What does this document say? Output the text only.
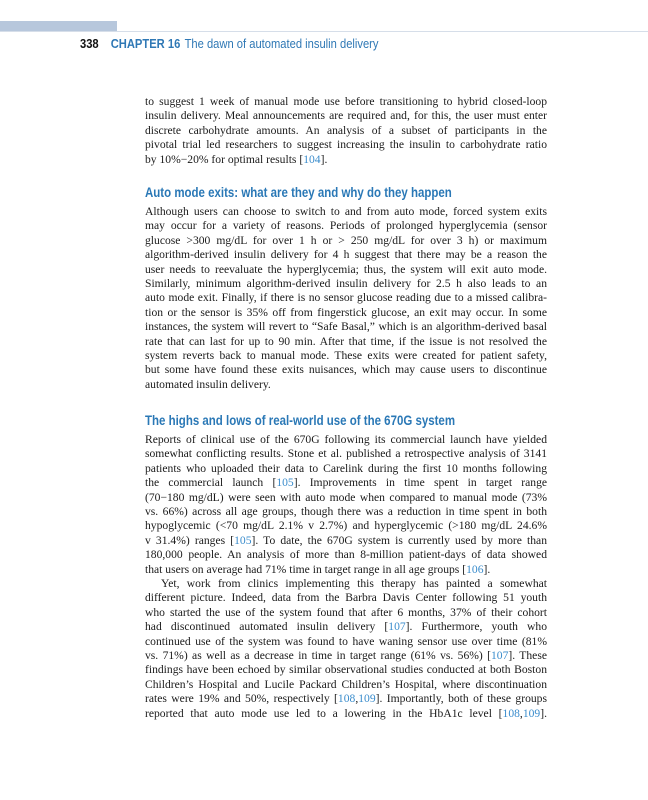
338 CHAPTER 16 The dawn of automated insulin delivery
to suggest 1 week of manual mode use before transitioning to hybrid closed-loop
insulin delivery. Meal announcements are required and, for this, the user must enter
discrete carbohydrate amounts. An analysis of a subset of participants in the
pivotal trial led researchers to suggest increasing the insulin to carbohydrate ratio
by 10%−20% for optimal results [104].
Auto mode exits: what are they and why do they happen
Although users can choose to switch to and from auto mode, forced system exits
may occur for a variety of reasons. Periods of prolonged hyperglycemia (sensor
glucose >300 mg/dL for over 1 h or > 250 mg/dL for over 3 h) or maximum
algorithm-derived insulin delivery for 4 h suggest that there may be a reason the
user needs to reevaluate the hyperglycemia; thus, the system will exit auto mode.
Similarly, minimum algorithm-derived insulin delivery for 2.5 h also leads to an
auto mode exit. Finally, if there is no sensor glucose reading due to a missed calibra-
tion or the sensor is 35% off from fingerstick glucose, an exit may occur. In some
instances, the system will revert to “Safe Basal,” which is an algorithm-derived basal
rate that can last for up to 90 min. After that time, if the issue is not resolved the
system reverts back to manual mode. These exits were created for patient safety,
but some have found these exits nuisances, which may cause users to discontinue
automated insulin delivery.
The highs and lows of real-world use of the 670G system
Reports of clinical use of the 670G following its commercial launch have yielded
somewhat conflicting results. Stone et al. published a retrospective analysis of 3141
patients who uploaded their data to Carelink during the first 10 months following
the commercial launch [105]. Improvements in time spent in target range
(70−180 mg/dL) were seen with auto mode when compared to manual mode (73%
vs. 66%) across all age groups, though there was a reduction in time spent in both
hypoglycemic (<70 mg/dL 2.1% v 2.7%) and hyperglycemic (>180 mg/dL 24.6%
v 31.4%) ranges [105]. To date, the 670G system is currently used by more than
180,000 people. An analysis of more than 8-million patient-days of data showed
that users on average had 71% time in target range in all age groups [106].
Yet, work from clinics implementing this therapy has painted a somewhat
different picture. Indeed, data from the Barbra Davis Center following 51 youth
who started the use of the system found that after 6 months, 37% of their cohort
had discontinued automated insulin delivery [107]. Furthermore, youth who
continued use of the system was found to have waning sensor use over time (81%
vs. 71%) as well as a decrease in time in target range (61% vs. 56%) [107]. These
findings have been echoed by similar observational studies conducted at both Boston
Children’s Hospital and Lucile Packard Children’s Hospital, where discontinuation
rates were 19% and 50%, respectively [108,109]. Importantly, both of these groups
reported that auto mode use led to a lowering in the HbA1c level [108,109].
